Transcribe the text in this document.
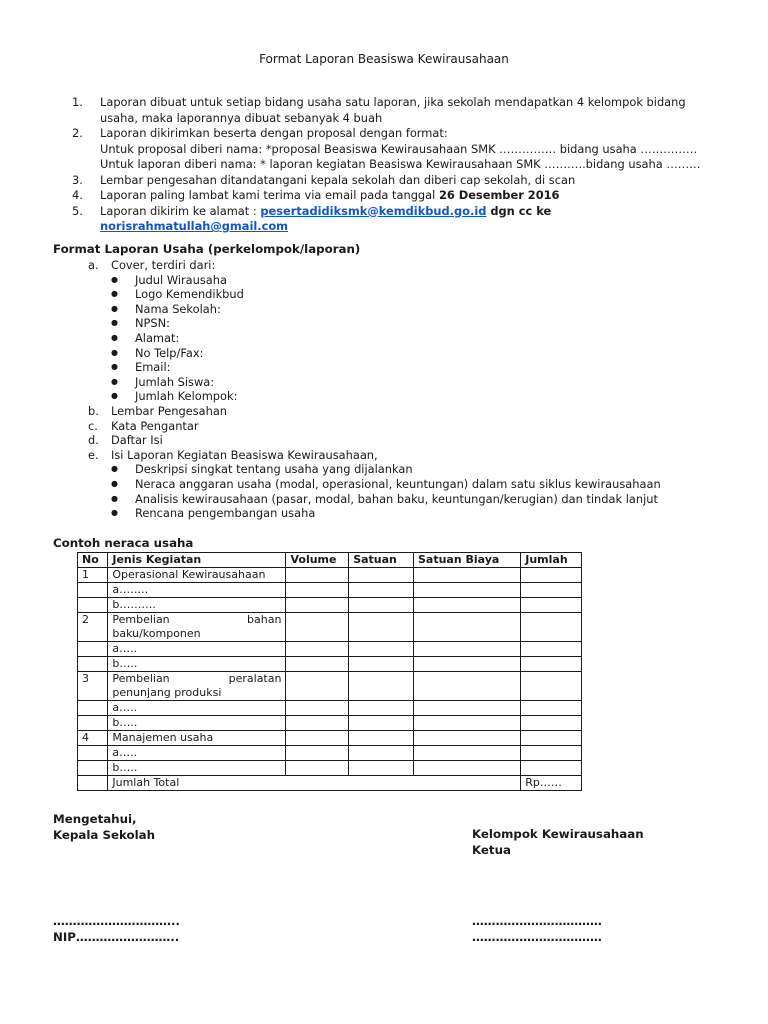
Format Laporan Beasiswa Kewirausahaan
1.	Laporan dibuat untuk setiap bidang usaha satu laporan, jika sekolah mendapatkan 4 kelompok bidang
usaha, maka laporannya dibuat sebanyak 4 buah
2.	Laporan dikirimkan beserta dengan proposal dengan format:
Untuk proposal diberi nama: *proposal Beasiswa Kewirausahaan SMK …………… bidang usaha ……………
Untuk laporan diberi nama: * laporan kegiatan Beasiswa Kewirausahaan SMK ………..bidang usaha ………
3.	Lembar pengesahan ditandatangani kepala sekolah dan diberi cap sekolah, di scan
4.	Laporan paling lambat kami terima via email pada tanggal 26 Desember 2016
5.	Laporan dikirim ke alamat : pesertadidiksmk@kemdikbud.go.id dgn cc ke norisrahmatullah@gmail.com
Format Laporan Usaha (perkelompok/laporan)
a.	Cover, terdiri dari:
●	Judul Wirausaha
●	Logo Kemendikbud
●	Nama Sekolah:
●	NPSN:
●	Alamat:
●	No Telp/Fax:
●	Email:
●	Jumlah Siswa:
●	Jumlah Kelompok:
b.	Lembar Pengesahan
c.	Kata Pengantar
d.	Daftar Isi
e.	Isi Laporan Kegiatan Beasiswa Kewirausahaan,
●	Deskripsi singkat tentang usaha yang dijalankan
●	Neraca anggaran usaha (modal, operasional, keuntungan) dalam satu siklus kewirausahaan
●	Analisis kewirausahaan (pasar, modal, bahan baku, keuntungan/kerugian) dan tindak lanjut
●	Rencana pengembangan usaha
Contoh neraca usaha
No	Jenis Kegiatan	Volume	Satuan	Satuan Biaya	Jumlah
1	Operasional Kewirausahaan				
	a……..				
	b……….				
2	Pembelian bahan
baku/komponen				

	a…..				
	b…..				
3	Pembelian peralatan
penunjang produksi				

	a…..				
	b…..				
4	Manajemen usaha				
	a…..				
	b…..				
	Jumlah Total				Rp……
Mengetahui,
Kepala Sekolah	Kelompok Kewirausahaan
Ketua
…………………………..
NIP……………………..
……………………………
……………………………
